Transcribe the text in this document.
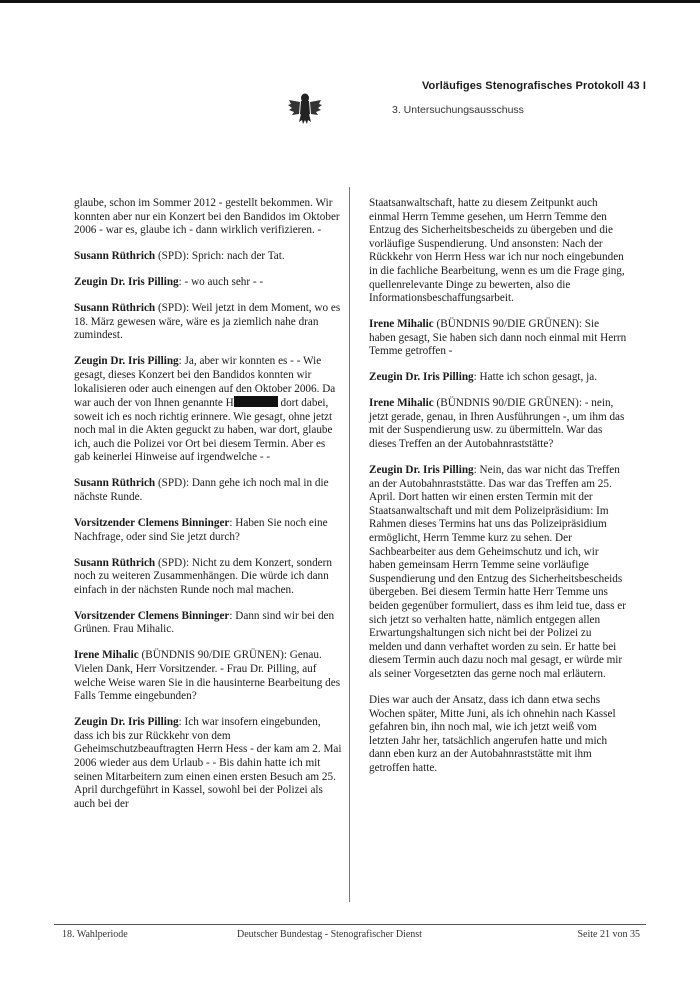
Vorläufiges Stenografisches Protokoll 43 I
3. Untersuchungsausschuss

glaube, schon im Sommer 2012 - gestellt bekommen. Wir konnten aber nur ein Konzert bei den Bandidos im Oktober 2006 - war es, glaube ich - dann wirklich verifizieren. -

Susann Rüthrich (SPD): Sprich: nach der Tat.

Zeugin Dr. Iris Pilling: - wo auch sehr - -

Susann Rüthrich (SPD): Weil jetzt in dem Moment, wo es 18. März gewesen wäre, wäre es ja ziemlich nahe dran zumindest.

Zeugin Dr. Iris Pilling: Ja, aber wir konnten es - - Wie gesagt, dieses Konzert bei den Bandidos konnten wir lokalisieren oder auch einengen auf den Oktober 2006. Da war auch der von Ihnen genannte H	dort dabei, soweit ich es noch richtig erinnere. Wie gesagt, ohne jetzt noch mal in die Akten geguckt zu haben, war dort, glaube ich, auch die Polizei vor Ort bei diesem Termin. Aber es gab keinerlei Hinweise auf irgendwelche - -

Susann Rüthrich (SPD): Dann gehe ich noch mal in die nächste Runde.

Vorsitzender Clemens Binninger: Haben Sie noch eine Nachfrage, oder sind Sie jetzt durch?

Susann Rüthrich (SPD): Nicht zu dem Konzert, sondern noch zu weiteren Zusammenhängen. Die würde ich dann einfach in der nächsten Runde noch mal machen.

Vorsitzender Clemens Binninger: Dann sind wir bei den Grünen. Frau Mihalic.

Irene Mihalic (BÜNDNIS 90/DIE GRÜNEN): Genau. Vielen Dank, Herr Vorsitzender. - Frau Dr. Pilling, auf welche Weise waren Sie in die hausinterne Bearbeitung des Falls Temme eingebunden?

Zeugin Dr. Iris Pilling: Ich war insofern eingebunden, dass ich bis zur Rückkehr von dem Geheimschutzbeauftragten Herrn Hess - der kam am 2. Mai 2006 wieder aus dem Urlaub - - Bis dahin hatte ich mit seinen Mitarbeitern zum einen einen ersten Besuch am 25. April durchgeführt in Kassel, sowohl bei der Polizei als auch bei der

Staatsanwaltschaft, hatte zu diesem Zeitpunkt auch einmal Herrn Temme gesehen, um Herrn Temme den Entzug des Sicherheitsbescheids zu übergeben und die vorläufige Suspendierung. Und ansonsten: Nach der Rückkehr von Herrn Hess war ich nur noch eingebunden in die fachliche Bearbeitung, wenn es um die Frage ging, quellenrelevante Dinge zu bewerten, also die Informationsbeschaffungsarbeit.

Irene Mihalic (BÜNDNIS 90/DIE GRÜNEN): Sie haben gesagt, Sie haben sich dann noch einmal mit Herrn Temme getroffen -

Zeugin Dr. Iris Pilling: Hatte ich schon gesagt, ja.

Irene Mihalic (BÜNDNIS 90/DIE GRÜNEN): - nein, jetzt gerade, genau, in Ihren Ausführungen -, um ihm das mit der Suspendierung usw. zu übermitteln. War das dieses Treffen an der Autobahnraststätte?

Zeugin Dr. Iris Pilling: Nein, das war nicht das Treffen an der Autobahnraststätte. Das war das Treffen am 25. April. Dort hatten wir einen ersten Termin mit der Staatsanwaltschaft und mit dem Polizeipräsidium: Im Rahmen dieses Termins hat uns das Polizeipräsidium ermöglicht, Herrn Temme kurz zu sehen. Der Sachbearbeiter aus dem Geheimschutz und ich, wir haben gemeinsam Herrn Temme seine vorläufige Suspendierung und den Entzug des Sicherheitsbescheids übergeben. Bei diesem Termin hatte Herr Temme uns beiden gegenüber formuliert, dass es ihm leid tue, dass er sich jetzt so verhalten hatte, nämlich entgegen allen Erwartungshaltungen sich nicht bei der Polizei zu melden und dann verhaftet worden zu sein. Er hatte bei diesem Termin auch dazu noch mal gesagt, er würde mir als seiner Vorgesetzten das gerne noch mal erläutern.

Dies war auch der Ansatz, dass ich dann etwa sechs Wochen später, Mitte Juni, als ich ohnehin nach Kassel gefahren bin, ihn noch mal, wie ich jetzt weiß vom letzten Jahr her, tatsächlich angerufen hatte und mich dann eben kurz an der Autobahnraststätte mit ihm getroffen hatte.

18. Wahlperiode	Deutscher Bundestag - Stenografischer Dienst	Seite 21 von 35
